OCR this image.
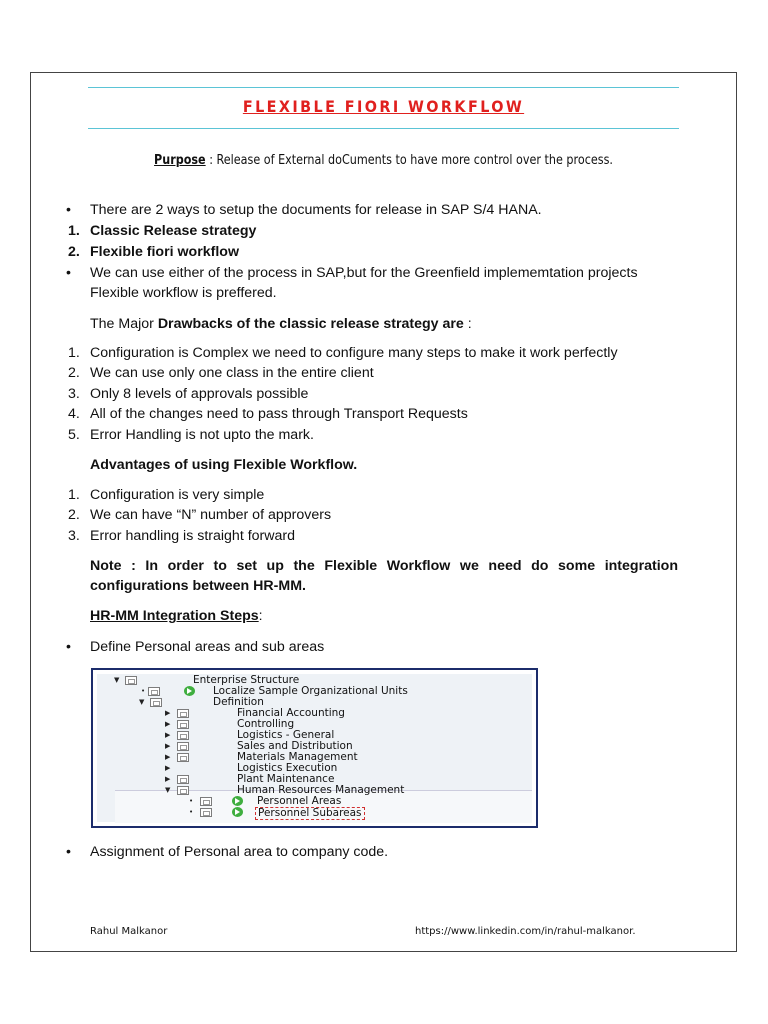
FLEXIBLE FIORI WORKFLOW
Purpose : Release of External doCuments to have more control over the process.
• There are 2 ways to setup the documents for release in SAP S/4 HANA.
1. Classic Release strategy
2. Flexible fiori workflow
• We can use either of the process in SAP,but for the Greenfield implememtation projects
Flexible workflow is preffered.
The Major Drawbacks of the classic release strategy are :
1. Configuration is Complex we need to configure many steps to make it work perfectly
2. We can use only one class in the entire client
3. Only 8 levels of approvals possible
4. All of the changes need to pass through Transport Requests
5. Error Handling is not upto the mark.
Advantages of using Flexible Workflow.
1. Configuration is very simple
2. We can have “N” number of approvers
3. Error handling is straight forward
Note : In order to set up the Flexible Workflow we need do some integration
configurations between HR-MM.
HR-MM Integration Steps:
• Define Personal areas and sub areas
▼	Enterprise Structure
•	Localize Sample Organizational Units
▼	Definition
▶	Financial Accounting
▶	Controlling
▶	Logistics - General
▶	Sales and Distribution
▶	Materials Management
▶	Logistics Execution
▶	Plant Maintenance
▼	Human Resources Management
•	Personnel Areas
•	Personnel Subareas
• Assignment of Personal area to company code.
Rahul Malkanor	https://www.linkedin.com/in/rahul-malkanor.
